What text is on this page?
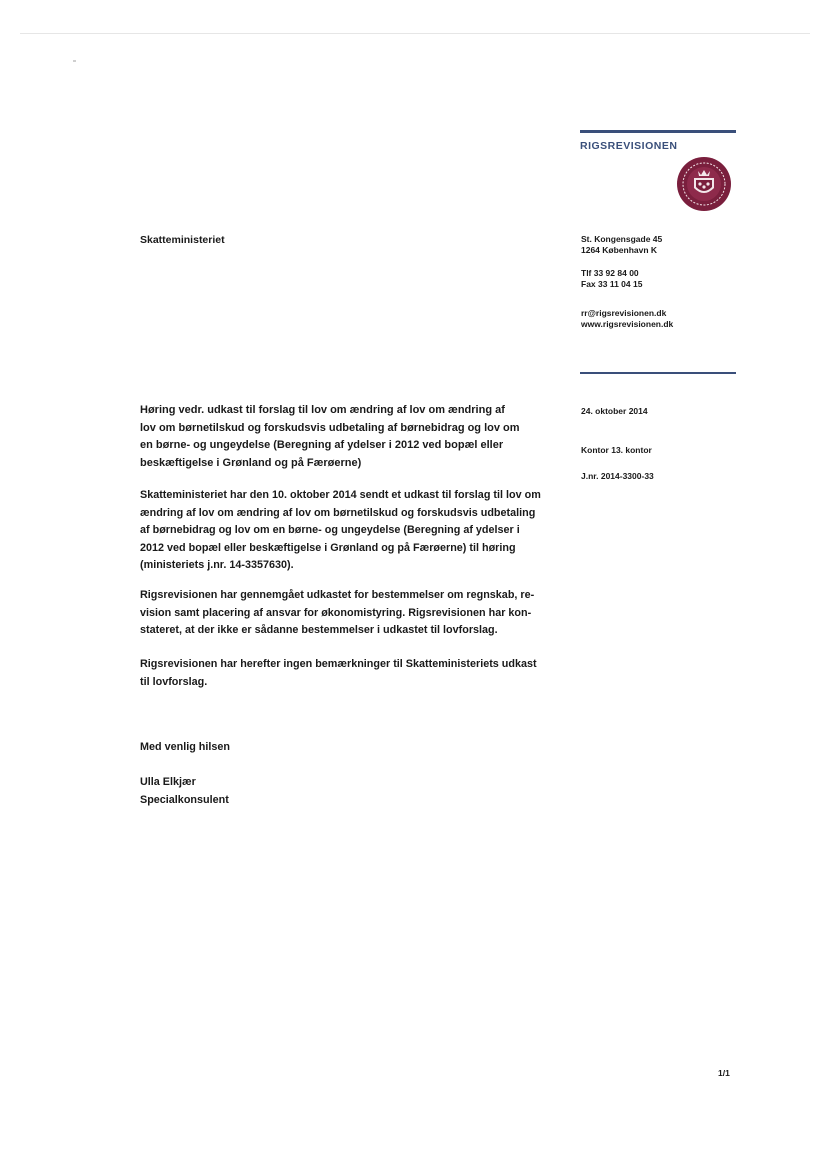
RIGSREVISIONEN
Skatteministeriet	St. Kongensgade 45
1264 København K
Tlf 33 92 84 00
Fax 33 11 04 15
rr@rigsrevisionen.dk
www.rigsrevisionen.dk
24. oktober 2014
Kontor 13. kontor
J.nr. 2014-3300-33
Høring vedr. udkast til forslag til lov om ændring af lov om ændring af
lov om børnetilskud og forskudsvis udbetaling af børnebidrag og lov om
en børne- og ungeydelse (Beregning af ydelser i 2012 ved bopæl eller
beskæftigelse i Grønland og på Færøerne)
Skatteministeriet har den 10. oktober 2014 sendt et udkast til forslag til lov om
ændring af lov om ændring af lov om børnetilskud og forskudsvis udbetaling
af børnebidrag og lov om en børne- og ungeydelse (Beregning af ydelser i
2012 ved bopæl eller beskæftigelse i Grønland og på Færøerne) til høring
(ministeriets j.nr. 14-3357630).
Rigsrevisionen har gennemgået udkastet for bestemmelser om regnskab, re-
vision samt placering af ansvar for økonomistyring. Rigsrevisionen har kon-
stateret, at der ikke er sådanne bestemmelser i udkastet til lovforslag.
Rigsrevisionen har herefter ingen bemærkninger til Skatteministeriets udkast
til lovforslag.
Med venlig hilsen
Ulla Elkjær
Specialkonsulent
1/1
